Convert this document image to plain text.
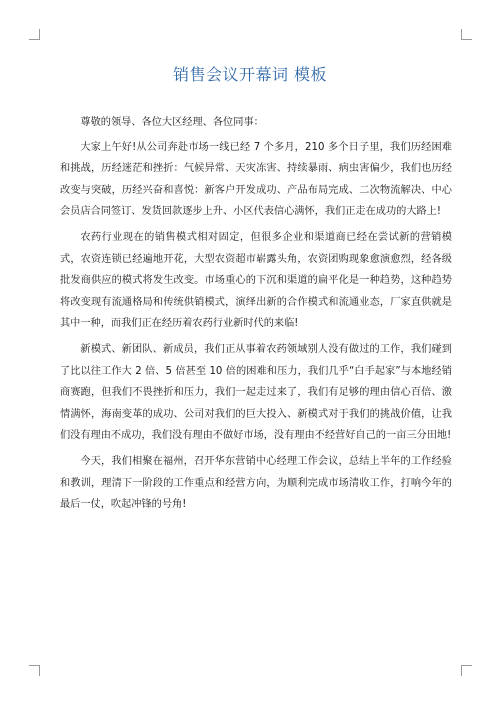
销售会议开幕词 模板

尊敬的领导、各位大区经理、各位同事：

大家上午好!从公司奔赴市场一线已经 7 个多月，210 多个日子里，我们历经困难和挑战，历经迷茫和挫折：气候异常、天灾冻害、持续暴雨、病虫害偏少，我们也历经改变与突破，历经兴奋和喜悦：新客户开发成功、产品布局完成、二次物流解决、中心会员店合同签订、发货回款逐步上升、小区代表信心满怀，我们正走在成功的大路上!

农药行业现在的销售模式相对固定，但很多企业和渠道商已经在尝试新的营销模式，农资连锁已经遍地开花，大型农资超市崭露头角，农资团购现象愈演愈烈，经各级批发商供应的模式将发生改变。市场重心的下沉和渠道的扁平化是一种趋势，这种趋势将改变现有流通格局和传统供销模式，演绎出新的合作模式和流通业态，厂家直供就是其中一种，而我们正在经历着农药行业新时代的来临!

新模式、新团队、新成员，我们正从事着农药领域别人没有做过的工作，我们碰到了比以往工作大 2 倍、5 倍甚至 10 倍的困难和压力，我们几乎“白手起家”与本地经销商赛跑，但我们不畏挫折和压力，我们一起走过来了，我们有足够的理由信心百倍、激情满怀，海南变革的成功、公司对我们的巨大投入、新模式对于我们的挑战价值，让我们没有理由不成功，我们没有理由不做好市场，没有理由不经营好自己的一亩三分田地!

今天，我们相聚在福州，召开华东营销中心经理工作会议，总结上半年的工作经验和教训，理清下一阶段的工作重点和经营方向，为顺利完成市场清收工作，打响今年的最后一仗，吹起冲锋的号角!
